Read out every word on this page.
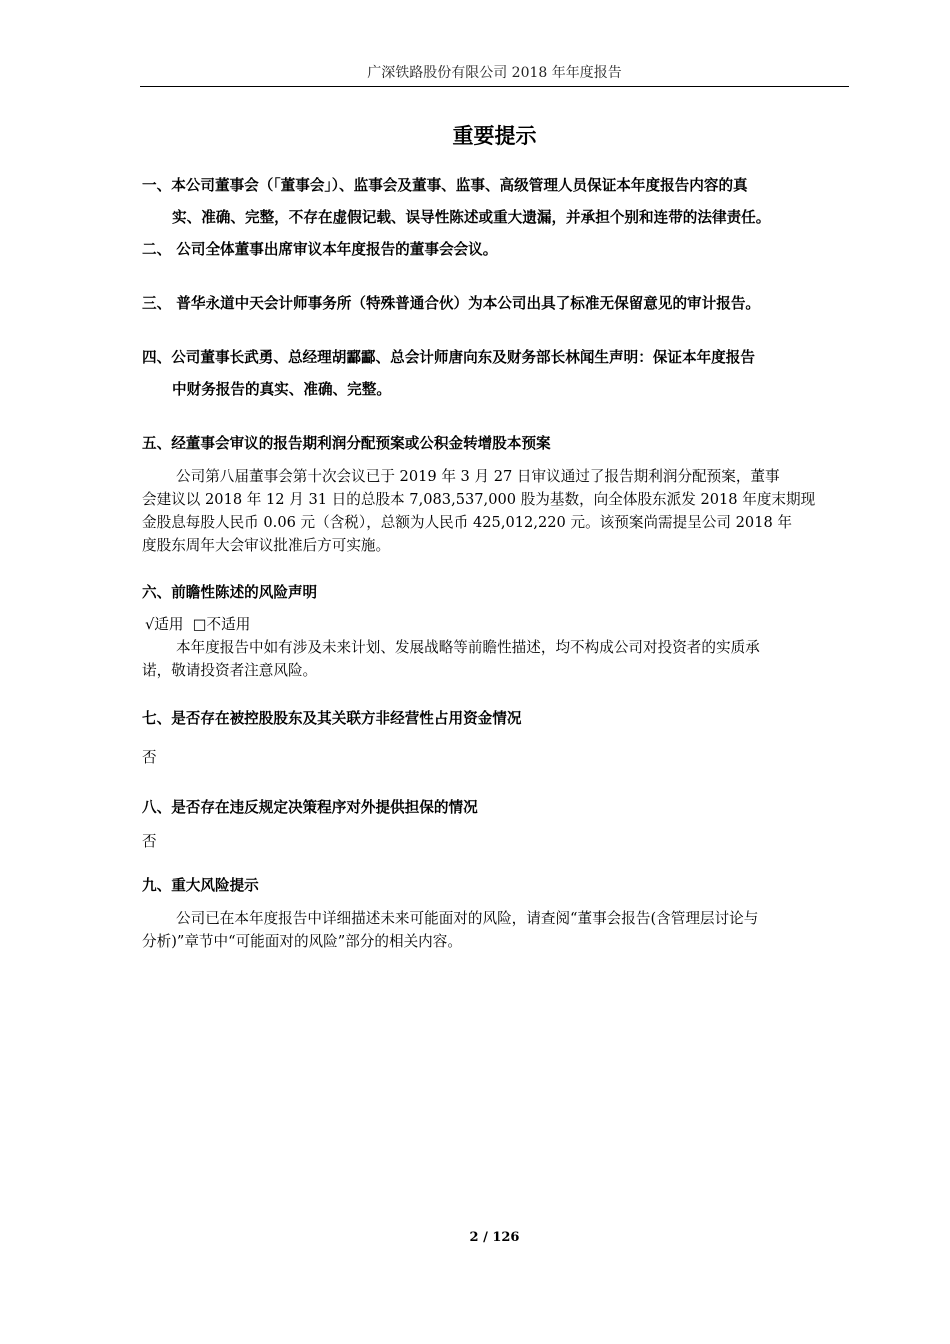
广深铁路股份有限公司 2018 年年度报告
重要提示
一、本公司董事会（「董事会」）、监事会及董事、监事、高级管理人员保证本年度报告内容的真
实、准确、完整，不存在虚假记载、误导性陈述或重大遗漏，并承担个别和连带的法律责任。
二、 公司全体董事出席审议本年度报告的董事会会议。
三、 普华永道中天会计师事务所（特殊普通合伙）为本公司出具了标准无保留意见的审计报告。
四、公司董事长武勇、总经理胡酃酃、总会计师唐向东及财务部长林闻生声明：保证本年度报告
中财务报告的真实、准确、完整。
五、经董事会审议的报告期利润分配预案或公积金转增股本预案
公司第八届董事会第十次会议已于 2019 年 3 月 27 日审议通过了报告期利润分配预案，董事
会建议以 2018 年 12 月 31 日的总股本 7,083,537,000 股为基数，向全体股东派发 2018 年度末期现
金股息每股人民币 0.06 元（含税），总额为人民币 425,012,220 元。该预案尚需提呈公司 2018 年
度股东周年大会审议批准后方可实施。
六、前瞻性陈述的风险声明
√适用  □不适用
本年度报告中如有涉及未来计划、发展战略等前瞻性描述，均不构成公司对投资者的实质承
诺，敬请投资者注意风险。
七、是否存在被控股股东及其关联方非经营性占用资金情况
否
八、是否存在违反规定决策程序对外提供担保的情况
否
九、重大风险提示
公司已在本年度报告中详细描述未来可能面对的风险，请查阅“董事会报告(含管理层讨论与
分析)”章节中“可能面对的风险”部分的相关内容。
2 / 126
